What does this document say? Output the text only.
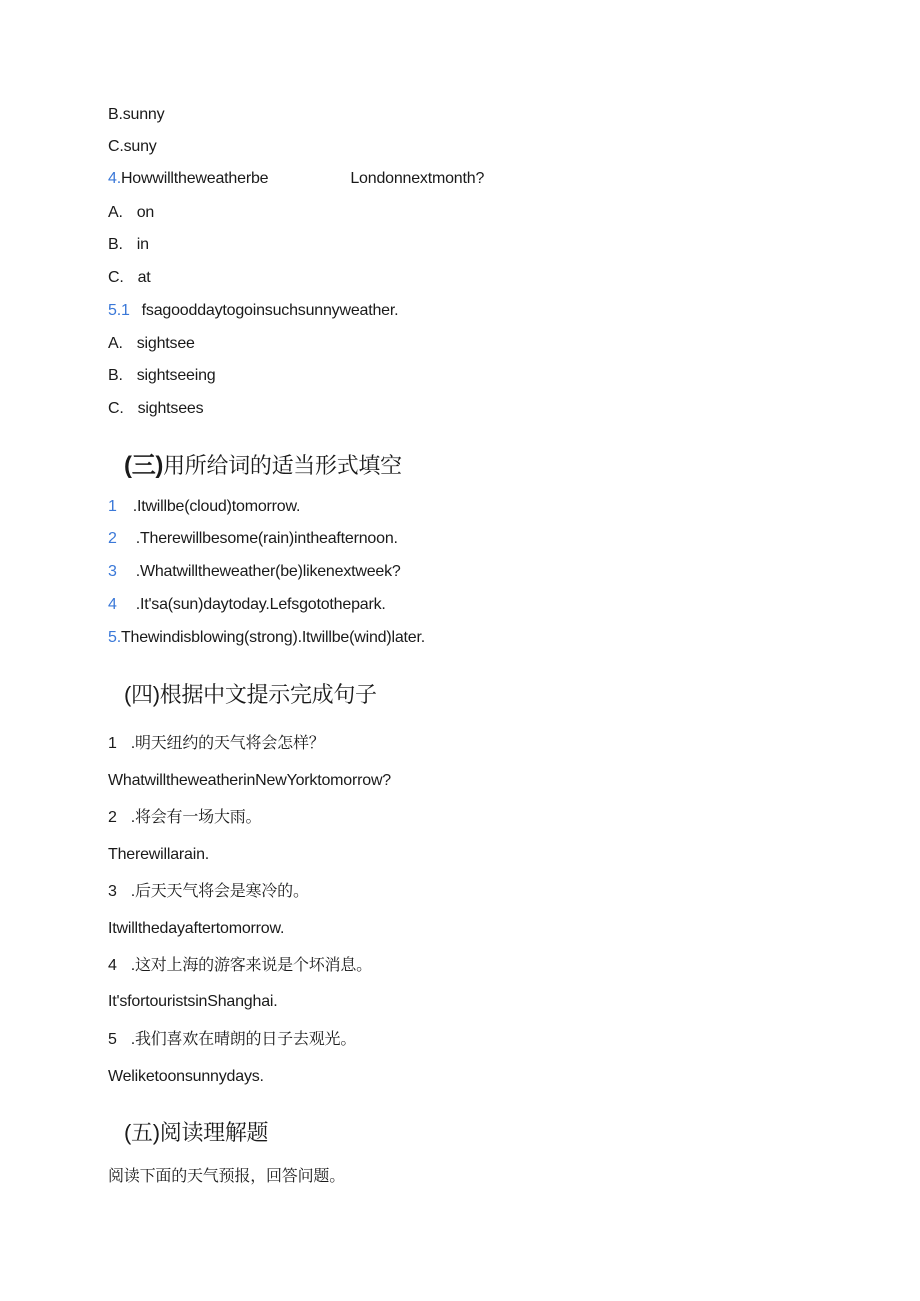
B.sunny
C.suny
4.Howwilltheweatherbe	Londonnextmonth?
A. on
B. in
C. at
5.1 fsagooddaytogoinsuchsunnyweather.
A. sightsee
B. sightseeing
C. sightsees
(三)用所给词的适当形式填空
1 .Itwillbe(cloud)tomorrow.
2 .Therewillbesome(rain)intheafternoon.
3 .Whatwilltheweather(be)likenextweek?
4 .It'sa(sun)daytoday.Lefsgotothepark.
5.Thewindisblowing(strong).Itwillbe(wind)later.
(四)根据中文提示完成句子
1 .明天纽约的天气将会怎样？
WhatwilltheweatherinNewYorktomorrow?
2 .将会有一场大雨。
Therewillarain.
3 .后天天气将会是寒冷的。
Itwillthedayaftertomorrow.
4 .这对上海的游客来说是个坏消息。
It'sfortouristsinShanghai.
5 .我们喜欢在晴朗的日子去观光。
Weliketoonsunnydays.
(五)阅读理解题
阅读下面的天气预报，回答问题。
